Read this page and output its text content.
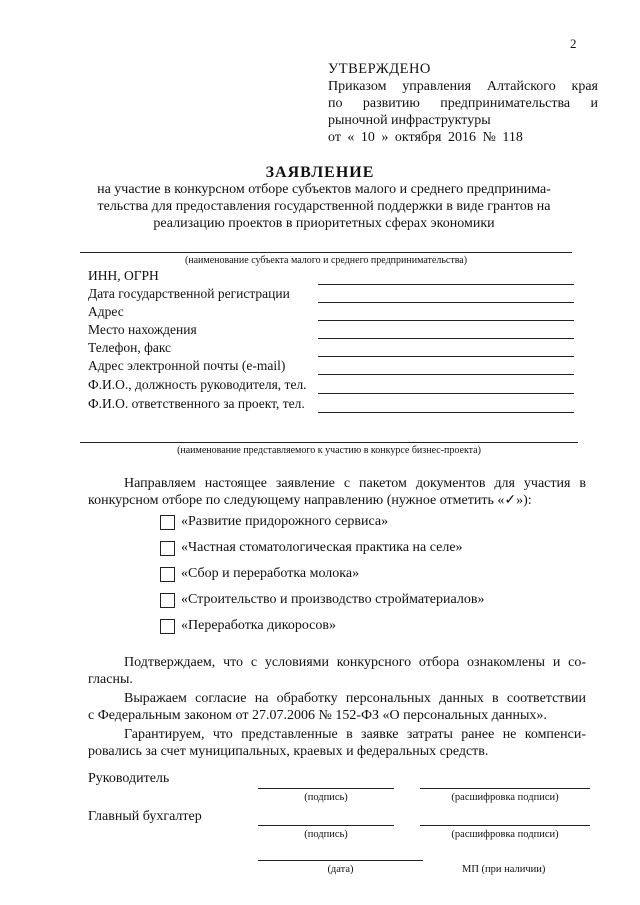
2
УТВЕРЖДЕНО
Приказом управления Алтайского края
по развитию предпринимательства и
рыночной инфраструктуры
от « 10 » октября 2016 № 118
ЗАЯВЛЕНИЕ
на участие в конкурсном отборе субъектов малого и среднего предпринима-
тельства для предоставления государственной поддержки в виде грантов на
реализацию проектов в приоритетных сферах экономики
(наименование субъекта малого и среднего предпринимательства)
ИНН, ОГРН
Дата государственной регистрации
Адрес
Место нахождения
Телефон, факс
Адрес электронной почты (e-mail)
Ф.И.О., должность руководителя, тел.
Ф.И.О. ответственного за проект, тел.
(наименование представляемого к участию в конкурсе бизнес-проекта)
Направляем настоящее заявление с пакетом документов для участия в
конкурсном отборе по следующему направлению (нужное отметить «✓»):
«Развитие придорожного сервиса»
«Частная стоматологическая практика на селе»
«Сбор и переработка молока»
«Строительство и производство стройматериалов»
«Переработка дикоросов»
Подтверждаем, что с условиями конкурсного отбора ознакомлены и со-
гласны.
Выражаем согласие на обработку персональных данных в соответствии
с Федеральным законом от 27.07.2006 № 152-ФЗ «О персональных данных».
Гарантируем, что представленные в заявке затраты ранее не компенси-
ровались за счет муниципальных, краевых и федеральных средств.
Руководитель
(подпись)	(расшифровка подписи)
Главный бухгалтер
(подпись)	(расшифровка подписи)
(дата)	МП (при наличии)
